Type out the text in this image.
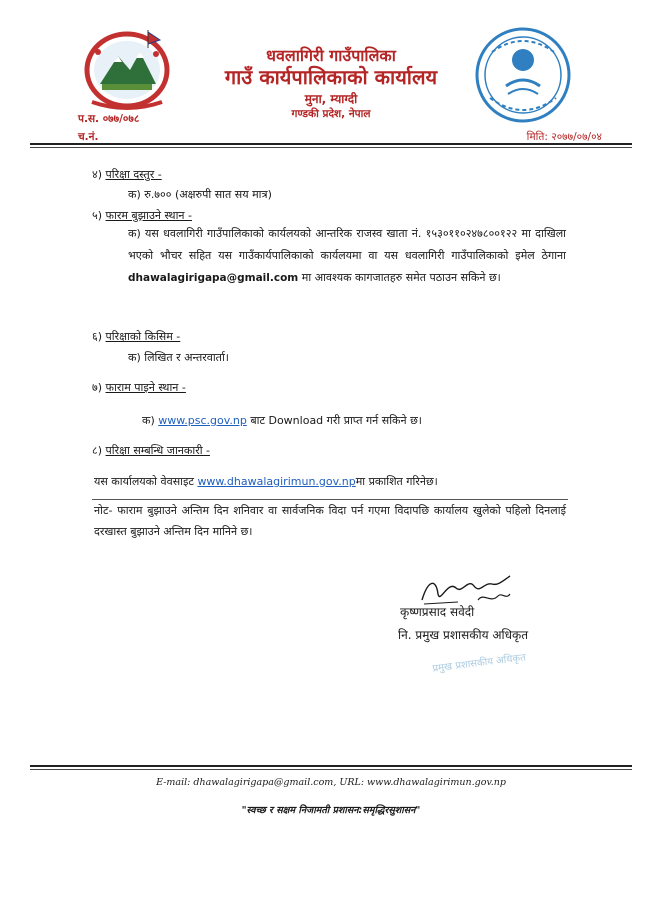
धवलागिरी गाउँपालिका
गाउँ कार्यपालिकाको कार्यालय
मुना, म्याग्दी
गण्डकी प्रदेश, नेपाल
प.स. ०७७/०७८
च.नं.	मिति: २०७७/०७/०४
४) परिक्षा दस्तुर -
क) रु.७०० (अक्षरुपी सात सय मात्र)
५) फारम बुझाउने स्थान -
क) यस धवलागिरी गाउँपालिकाको कार्यलयको आन्तरिक राजस्व खाता नं. १५३०११०२४७८००१२२ मा दाखिला भएको भौचर सहित यस गाउँकार्यपालिकाको कार्यलयमा वा यस धवलागिरी गाउँपालिकाको इमेल ठेगाना dhawalagirigapa@gmail.com मा आवश्यक कागजातहरु समेत पठाउन सकिने छ।
६) परिक्षाको किसिम -
क) लिखित र अन्तरवार्ता।
७) फाराम पाइने स्थान -
क) www.psc.gov.np बाट Download गरी प्राप्त गर्न सकिने छ।
८) परिक्षा सम्बन्धि जानकारी -
यस कार्यालयको वेवसाइट www.dhawalagirimun.gov.npमा प्रकाशित गरिनेछ।
नोट- फाराम बुझाउने अन्तिम दिन शनिवार वा सार्वजनिक विदा पर्न गएमा विदापछि कार्यालय खुलेको पहिलो दिनलाई दरखास्त बुझाउने अन्तिम दिन मानिने छ।
कृष्णप्रसाद सवेदी
नि. प्रमुख प्रशासकीय अधिकृत
प्रमुख प्रशासकीय अधिकृत
E-mail: dhawalagirigapa@gmail.com, URL: www.dhawalagirimun.gov.np
"स्वच्छ र सक्षम निजामती प्रशासन:समृद्धिरसुशासन"
